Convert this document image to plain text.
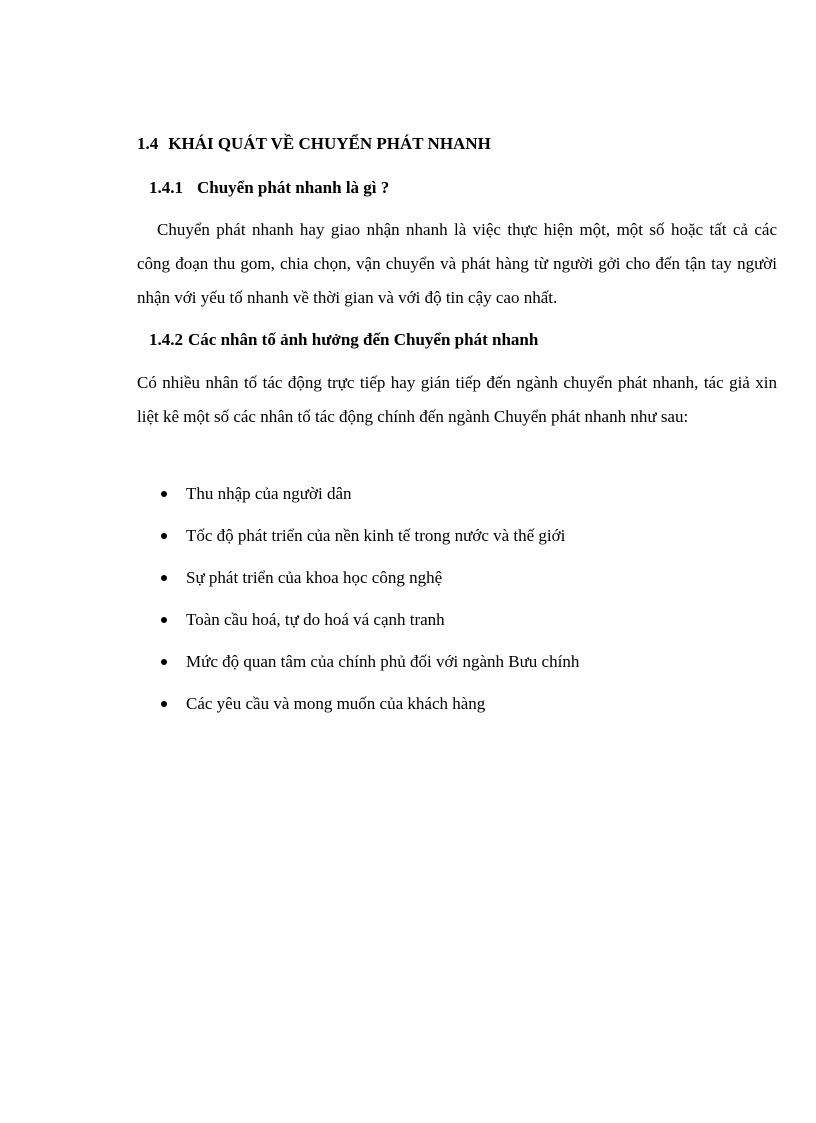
1.4 KHÁI QUÁT VỀ CHUYỂN PHÁT NHANH
1.4.1 Chuyển phát nhanh là gì ?

Chuyển phát nhanh hay giao nhận nhanh là việc thực hiện một, một số hoặc tất cả các công đoạn thu gom, chia chọn, vận chuyển và phát hàng từ người gởi cho đến tận tay người nhận với yếu tố nhanh về thời gian và với độ tin cậy cao nhất.

1.4.2 Các nhân tố ảnh hưởng đến Chuyển phát nhanh

Có nhiều nhân tố tác động trực tiếp hay gián tiếp đến ngành chuyển phát nhanh, tác giả xin liệt kê một số các nhân tố tác động chính đến ngành Chuyển phát nhanh như sau:

Thu nhập của người dân
Tốc độ phát triển của nền kinh tế trong nước và thế giới
Sự phát triển của khoa học công nghệ
Toàn cầu hoá, tự do hoá vá cạnh tranh
Mức độ quan tâm của chính phủ đối với ngành Bưu chính
Các yêu cầu và mong muốn của khách hàng
